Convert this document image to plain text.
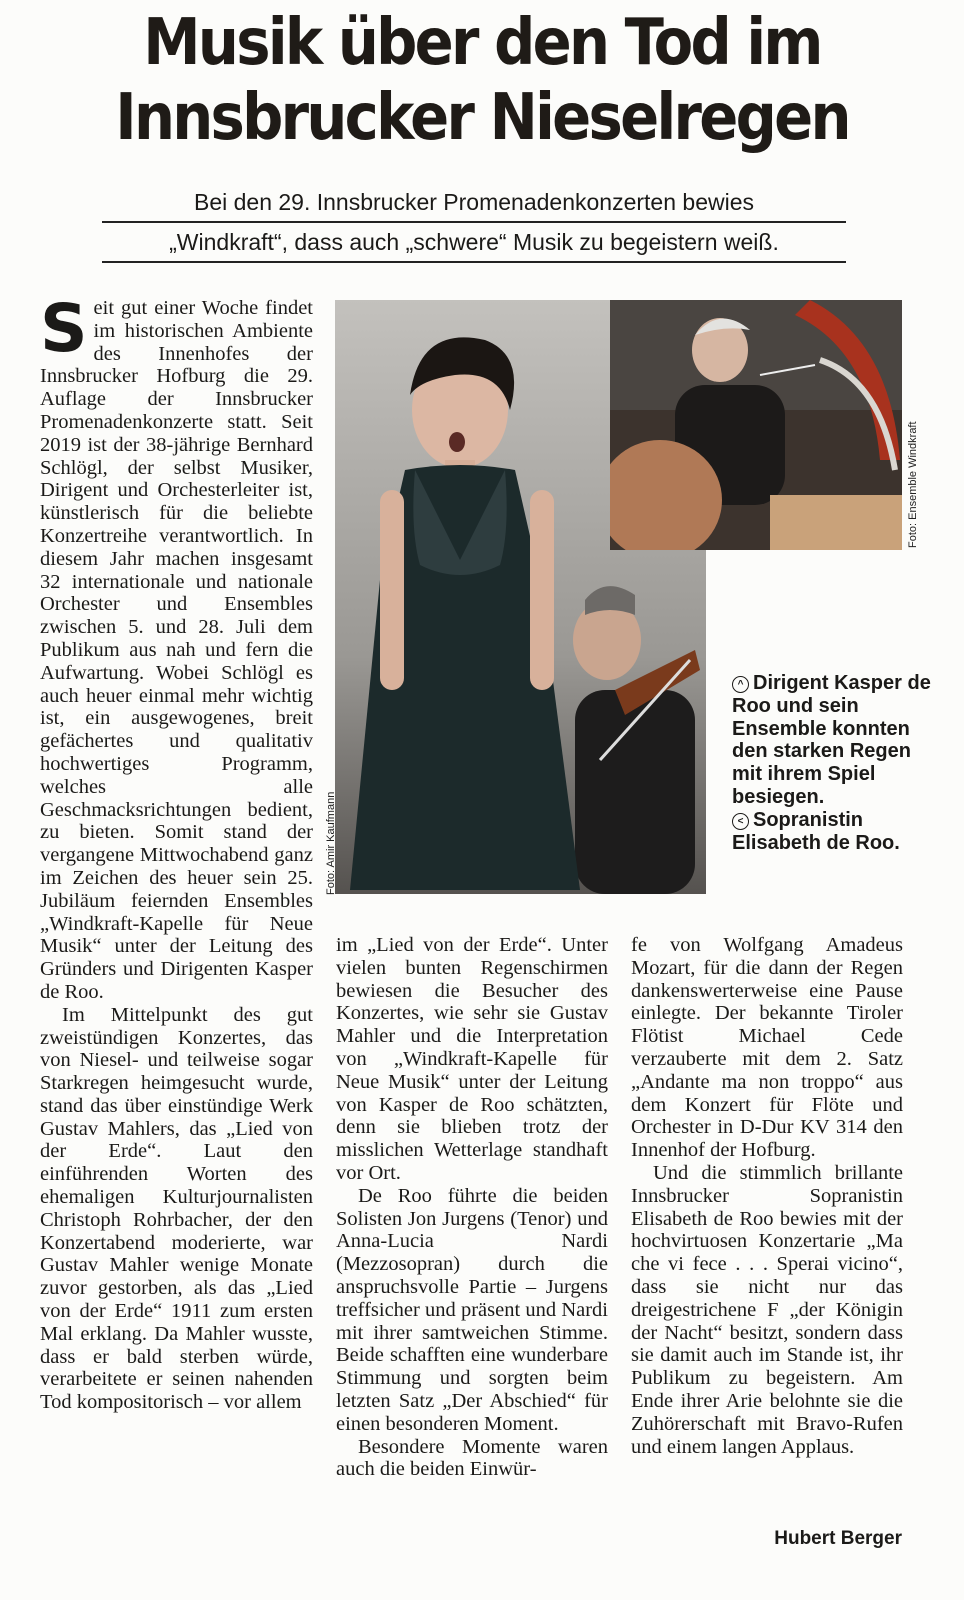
Musik über den Tod im
Innsbrucker Nieselregen
Bei den 29. Innsbrucker Promenadenkonzerten bewies
„Windkraft“, dass auch „schwere“ Musik zu begeistern weiß.
S eit gut einer Woche findet im historischen Ambiente des Innenhofes der Innsbrucker Hofburg die 29. Auflage der Innsbrucker Promenadenkonzerte statt. Seit 2019 ist der 38-jährige Bernhard Schlögl, der selbst Musiker, Dirigent und Orchesterleiter ist, künstlerisch für die beliebte Konzertreihe verantwortlich. In diesem Jahr machen insgesamt 32 internationale und nationale Orchester und Ensembles zwischen 5. und 28. Juli dem Publikum aus nah und fern die Aufwartung. Wobei Schlögl es auch heuer einmal mehr wichtig ist, ein ausgewogenes, breit gefächertes und qualitativ hochwertiges Programm, welches alle Geschmacksrichtungen bedient, zu bieten. Somit stand der vergangene Mittwochabend ganz im Zeichen des heuer sein 25. Jubiläum feiernden Ensembles „Windkraft-Kapelle für Neue Musik“ unter der Leitung des Gründers und Dirigenten Kasper de Roo.

Im Mittelpunkt des gut zweistündigen Konzertes, das von Niesel- und teilweise sogar Starkregen heimgesucht wurde, stand das über einstündige Werk Gustav Mahlers, das „Lied von der Erde“. Laut den einführenden Worten des ehemaligen Kulturjournalisten Christoph Rohrbacher, der den Konzertabend moderierte, war Gustav Mahler wenige Monate zuvor gestorben, als das „Lied von der Erde“ 1911 zum ersten Mal erklang. Da Mahler wusste, dass er bald sterben würde, verarbeitete er seinen nahenden Tod kompositorisch – vor allem

Foto: Amir Kaufmann
Foto: Ensemble Windkraft
^ Dirigent Kasper de Roo und sein Ensemble konnten den starken Regen mit ihrem Spiel besiegen.
< Sopranistin Elisabeth de Roo.

im „Lied von der Erde“. Unter vielen bunten Regenschirmen bewiesen die Besucher des Konzertes, wie sehr sie Gustav Mahler und die Interpretation von „Windkraft-Kapelle für Neue Musik“ unter der Leitung von Kasper de Roo schätzten, denn sie blieben trotz der misslichen Wetterlage standhaft vor Ort.

De Roo führte die beiden Solisten Jon Jurgens (Tenor) und Anna-Lucia Nardi (Mezzosopran) durch die anspruchsvolle Partie – Jurgens treffsicher und präsent und Nardi mit ihrer samtweichen Stimme. Beide schafften eine wunderbare Stimmung und sorgten beim letzten Satz „Der Abschied“ für einen besonderen Moment.

Besondere Momente waren auch die beiden Einwür-

fe von Wolfgang Amadeus Mozart, für die dann der Regen dankenswerterweise eine Pause einlegte. Der bekannte Tiroler Flötist Michael Cede verzauberte mit dem 2. Satz „Andante ma non troppo“ aus dem Konzert für Flöte und Orchester in D-Dur KV 314 den Innenhof der Hofburg.

Und die stimmlich brillante Innsbrucker Sopranistin Elisabeth de Roo bewies mit der hochvirtuosen Konzertarie „Ma che vi fece . . . Sperai vicino“, dass sie nicht nur das dreigestrichene F „der Königin der Nacht“ besitzt, sondern dass sie damit auch im Stande ist, ihr Publikum zu begeistern. Am Ende ihrer Arie belohnte sie die Zuhörerschaft mit Bravo-Rufen und einem langen Applaus.

Hubert Berger
